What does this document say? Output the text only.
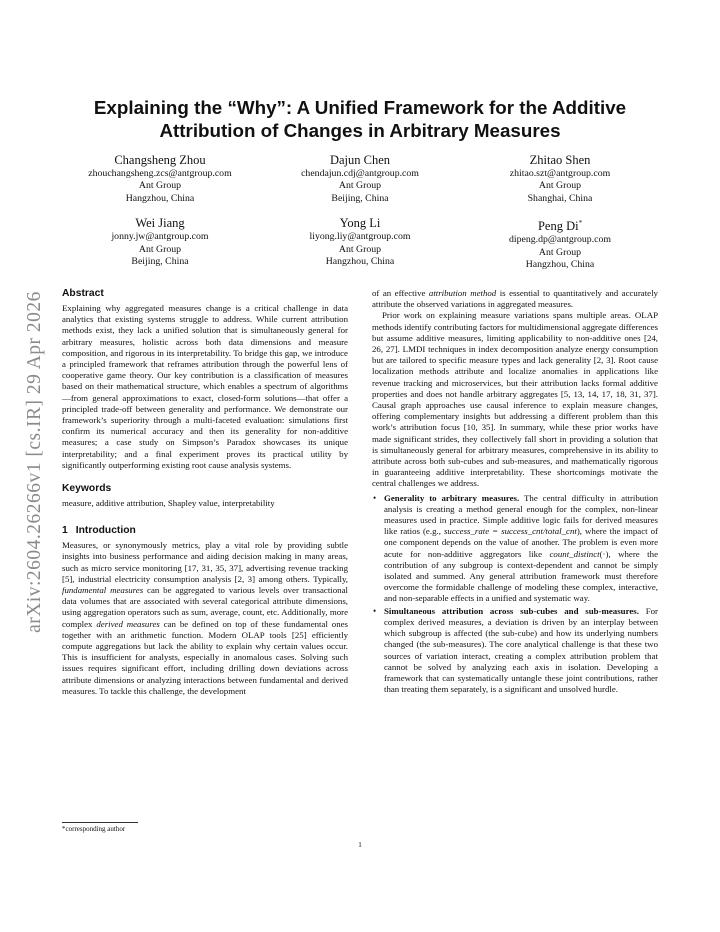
arXiv:2604.26266v1 [cs.IR] 29 Apr 2026
Explaining the “Why”: A Unified Framework for the Additive Attribution of Changes in Arbitrary Measures
Changsheng Zhou
zhouchangsheng.zcs@antgroup.com
Ant Group
Hangzhou, China
Dajun Chen
chendajun.cdj@antgroup.com
Ant Group
Beijing, China
Zhitao Shen
zhitao.szt@antgroup.com
Ant Group
Shanghai, China
Wei Jiang
jonny.jw@antgroup.com
Ant Group
Beijing, China
Yong Li
liyong.liy@antgroup.com
Ant Group
Hangzhou, China
Peng Di*
dipeng.dp@antgroup.com
Ant Group
Hangzhou, China
Abstract

Explaining why aggregated measures change is a critical challenge in data analytics that existing systems struggle to address. While current attribution methods exist, they lack a unified solution that is simultaneously general for arbitrary measures, holistic across both data dimensions and measure composition, and rigorous in its interpretability. To bridge this gap, we introduce a principled framework that reframes attribution through the powerful lens of cooperative game theory. Our key contribution is a classification of measures based on their mathematical structure, which enables a spectrum of algorithms—from general approximations to exact, closed-form solutions—that offer a principled trade-off between generality and performance. We demonstrate our framework’s superiority through a multi-faceted evaluation: simulations first confirm its numerical accuracy and then its generality for non-additive measures; a case study on Simpson’s Paradox showcases its unique interpretability; and a final experiment proves its practical utility by significantly outperforming existing root cause analysis systems.

Keywords

measure, additive attribution, Shapley value, interpretability

1 Introduction

Measures, or synonymously metrics, play a vital role by providing subtle insights into business performance and aiding decision making in many areas, such as micro service monitoring [17, 31, 35, 37], advertising revenue tracking [5], industrial electricity consumption analysis [2, 3] among others. Typically, fundamental measures can be aggregated to various levels over transactional data volumes that are associated with several categorical attribute dimensions, using aggregation operators such as sum, average, count, etc. Additionally, more complex derived measures can be defined on top of these fundamental ones together with an arithmetic function. Modern OLAP tools [25] efficiently compute aggregations but lack the ability to explain why certain values occur. This is insufficient for analysts, especially in anomalous cases. Solving such issues requires significant effort, including drilling down deviations across attribute dimensions or analyzing interactions between fundamental and derived measures. To tackle this challenge, the development

of an effective attribution method is essential to quantitatively and accurately attribute the observed variations in aggregated measures.

Prior work on explaining measure variations spans multiple areas. OLAP methods identify contributing factors for multidimensional aggregate differences but assume additive measures, limiting applicability to non-additive ones [24, 26, 27]. LMDI techniques in index decomposition analyze energy consumption but are tailored to specific measure types and lack generality [2, 3]. Root cause localization methods attribute and localize anomalies in applications like revenue tracking and microservices, but their attribution lacks formal additive properties and does not handle arbitrary aggregates [5, 13, 14, 17, 18, 31, 37]. Causal graph approaches use causal inference to explain measure changes, offering complementary insights but addressing a different problem than this work’s attribution focus [10, 35]. In summary, while these prior works have made significant strides, they collectively fall short in providing a solution that is simultaneously general for arbitrary measures, comprehensive in its ability to attribute across both sub-cubes and sub-measures, and mathematically rigorous in guaranteeing additive interpretability. These shortcomings motivate the central challenges we address.

• Generality to arbitrary measures. The central difficulty in attribution analysis is creating a method general enough for the complex, non-linear measures used in practice. Simple additive logic fails for derived measures like ratios (e.g., success_rate = success_cnt/total_cnt), where the impact of one component depends on the value of another. The problem is even more acute for non-additive aggregators like count_distinct(·), where the contribution of any subgroup is context-dependent and cannot be simply isolated and summed. Any general attribution framework must therefore overcome the formidable challenge of modeling these complex, interactive, and non-separable effects in a unified and systematic way.
• Simultaneous attribution across sub-cubes and sub-measures. For complex derived measures, a deviation is driven by an interplay between which subgroup is affected (the sub-cube) and how its underlying numbers changed (the sub-measures). The core analytical challenge is that these two sources of variation interact, creating a complex attribution problem that cannot be solved by analyzing each axis in isolation. Developing a framework that can systematically untangle these joint contributions, rather than treating them separately, is a significant and unsolved hurdle.
*corresponding author
1
